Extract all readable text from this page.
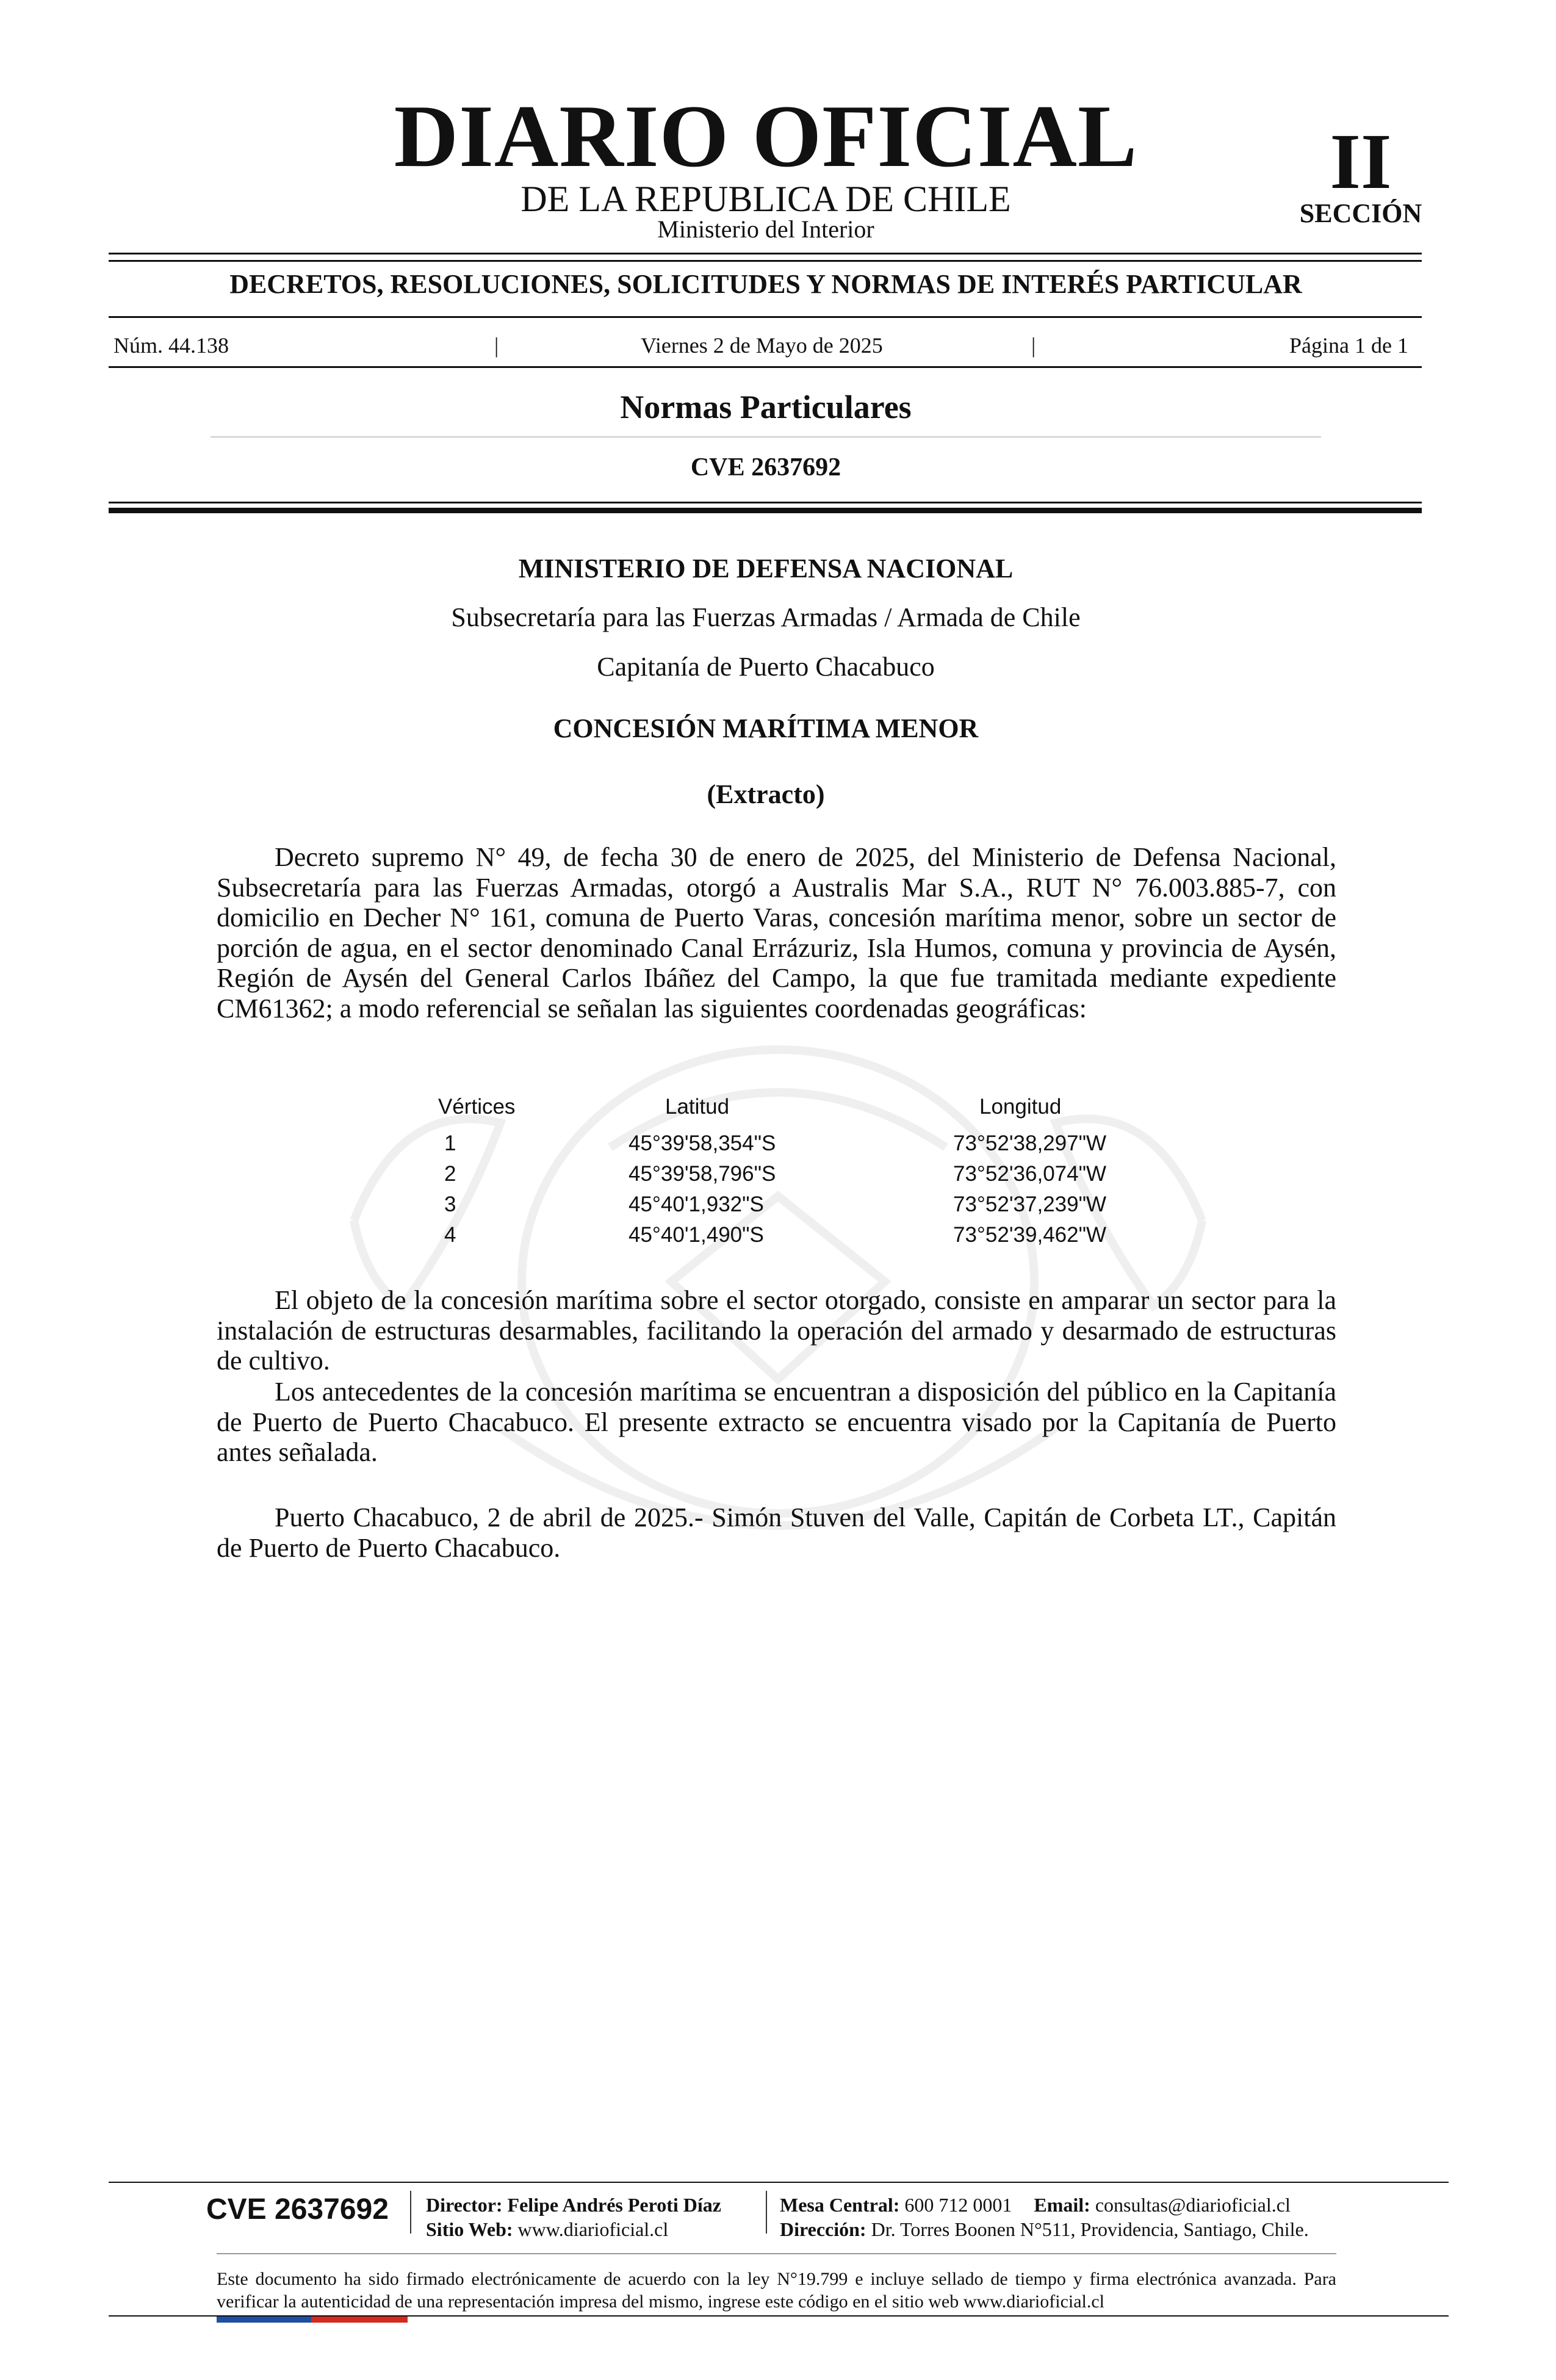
DIARIO OFICIAL
DE LA REPUBLICA DE CHILE
Ministerio del Interior
II
SECCIÓN
DECRETOS, RESOLUCIONES, SOLICITUDES Y NORMAS DE INTERÉS PARTICULAR
Núm. 44.138	|	Viernes 2 de Mayo de 2025	|	Página 1 de 1
Normas Particulares
CVE 2637692
MINISTERIO DE DEFENSA NACIONAL
Subsecretaría para las Fuerzas Armadas / Armada de Chile
Capitanía de Puerto Chacabuco
CONCESIÓN MARÍTIMA MENOR
(Extracto)

Decreto supremo N° 49, de fecha 30 de enero de 2025, del Ministerio de Defensa Nacional, Subsecretaría para las Fuerzas Armadas, otorgó a Australis Mar S.A., RUT N° 76.003.885-7, con domicilio en Decher N° 161, comuna de Puerto Varas, concesión marítima menor, sobre un sector de porción de agua, en el sector denominado Canal Errázuriz, Isla Humos, comuna y provincia de Aysén, Región de Aysén del General Carlos Ibáñez del Campo, la que fue tramitada mediante expediente CM61362; a modo referencial se señalan las siguientes coordenadas geográficas:

Vértices	Latitud	Longitud
1	45°39'58,354"S	73°52'38,297"W
2	45°39'58,796"S	73°52'36,074"W
3	45°40'1,932"S	73°52'37,239"W
4	45°40'1,490"S	73°52'39,462"W

El objeto de la concesión marítima sobre el sector otorgado, consiste en amparar un sector para la instalación de estructuras desarmables, facilitando la operación del armado y desarmado de estructuras de cultivo.

Los antecedentes de la concesión marítima se encuentran a disposición del público en la Capitanía de Puerto de Puerto Chacabuco. El presente extracto se encuentra visado por la Capitanía de Puerto antes señalada.

Puerto Chacabuco, 2 de abril de 2025.- Simón Stuven del Valle, Capitán de Corbeta LT., Capitán de Puerto de Puerto Chacabuco.

CVE 2637692 Director: Felipe Andrés Peroti Díaz
Sitio Web: www.diarioficial.cl
Mesa Central: 600 712 0001 Email: consultas@diarioficial.cl
Dirección: Dr. Torres Boonen N°511, Providencia, Santiago, Chile.

Este documento ha sido firmado electrónicamente de acuerdo con la ley N°19.799 e incluye sellado de tiempo y firma electrónica avanzada. Para verificar la autenticidad de una representación impresa del mismo, ingrese este código en el sitio web www.diarioficial.cl
